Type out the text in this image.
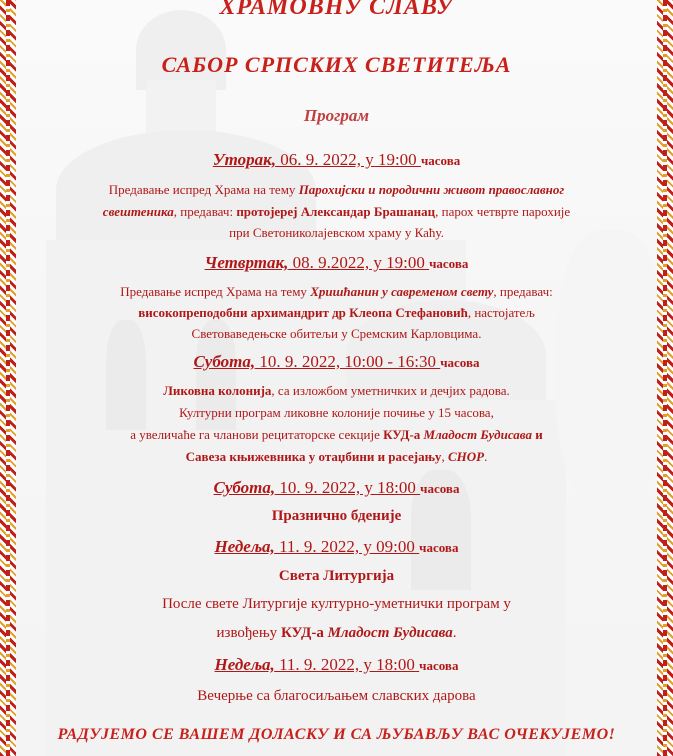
ХРАМОВНУ СЛАВУ
САБОР СРПСКИХ СВЕТИТЕЉА
Програм
Уторак, 06. 9. 2022, у 19:00 часова
Предавање испред Храма на тему Парохијски и породични живот православног
свештеника, предавач: протојереј Александар Брашанац, парох четврте парохије
при Светониколајевском храму у Каћу.
Четвртак, 08. 9.2022, у 19:00 часова
Предавање испред Храма на тему Хришћанин у савременом свету, предавач:
високопреподобни архимандрит др Клеопа Стефановић, настојатељ
Световаведењске обитељи у Сремским Карловцима.
Субота, 10. 9. 2022, 10:00 - 16:30 часова
Ликовна колонија, са изложбом уметничких и дечјих радова.
Културни програм ликовне колоније почиње у 15 часова,
а увеличаће га чланови рецитаторске секције КУД-а Младост Будисава и
Савеза књижевника у отаџбини и расејању, СНОР.
Субота, 10. 9. 2022, у 18:00 часова
Празнично бденије
Недеља, 11. 9. 2022, у 09:00 часова
Света Литургија
После свете Литургије културно-уметнички програм у
извођењу КУД-а Младост Будисава.
Недеља, 11. 9. 2022, у 18:00 часова
Вечерње са благосиљањем славских дарова
РАДУЈЕМО СЕ ВАШЕМ ДОЛАСКУ И СА ЉУБАВЉУ ВАС ОЧЕКУЈЕМО!
